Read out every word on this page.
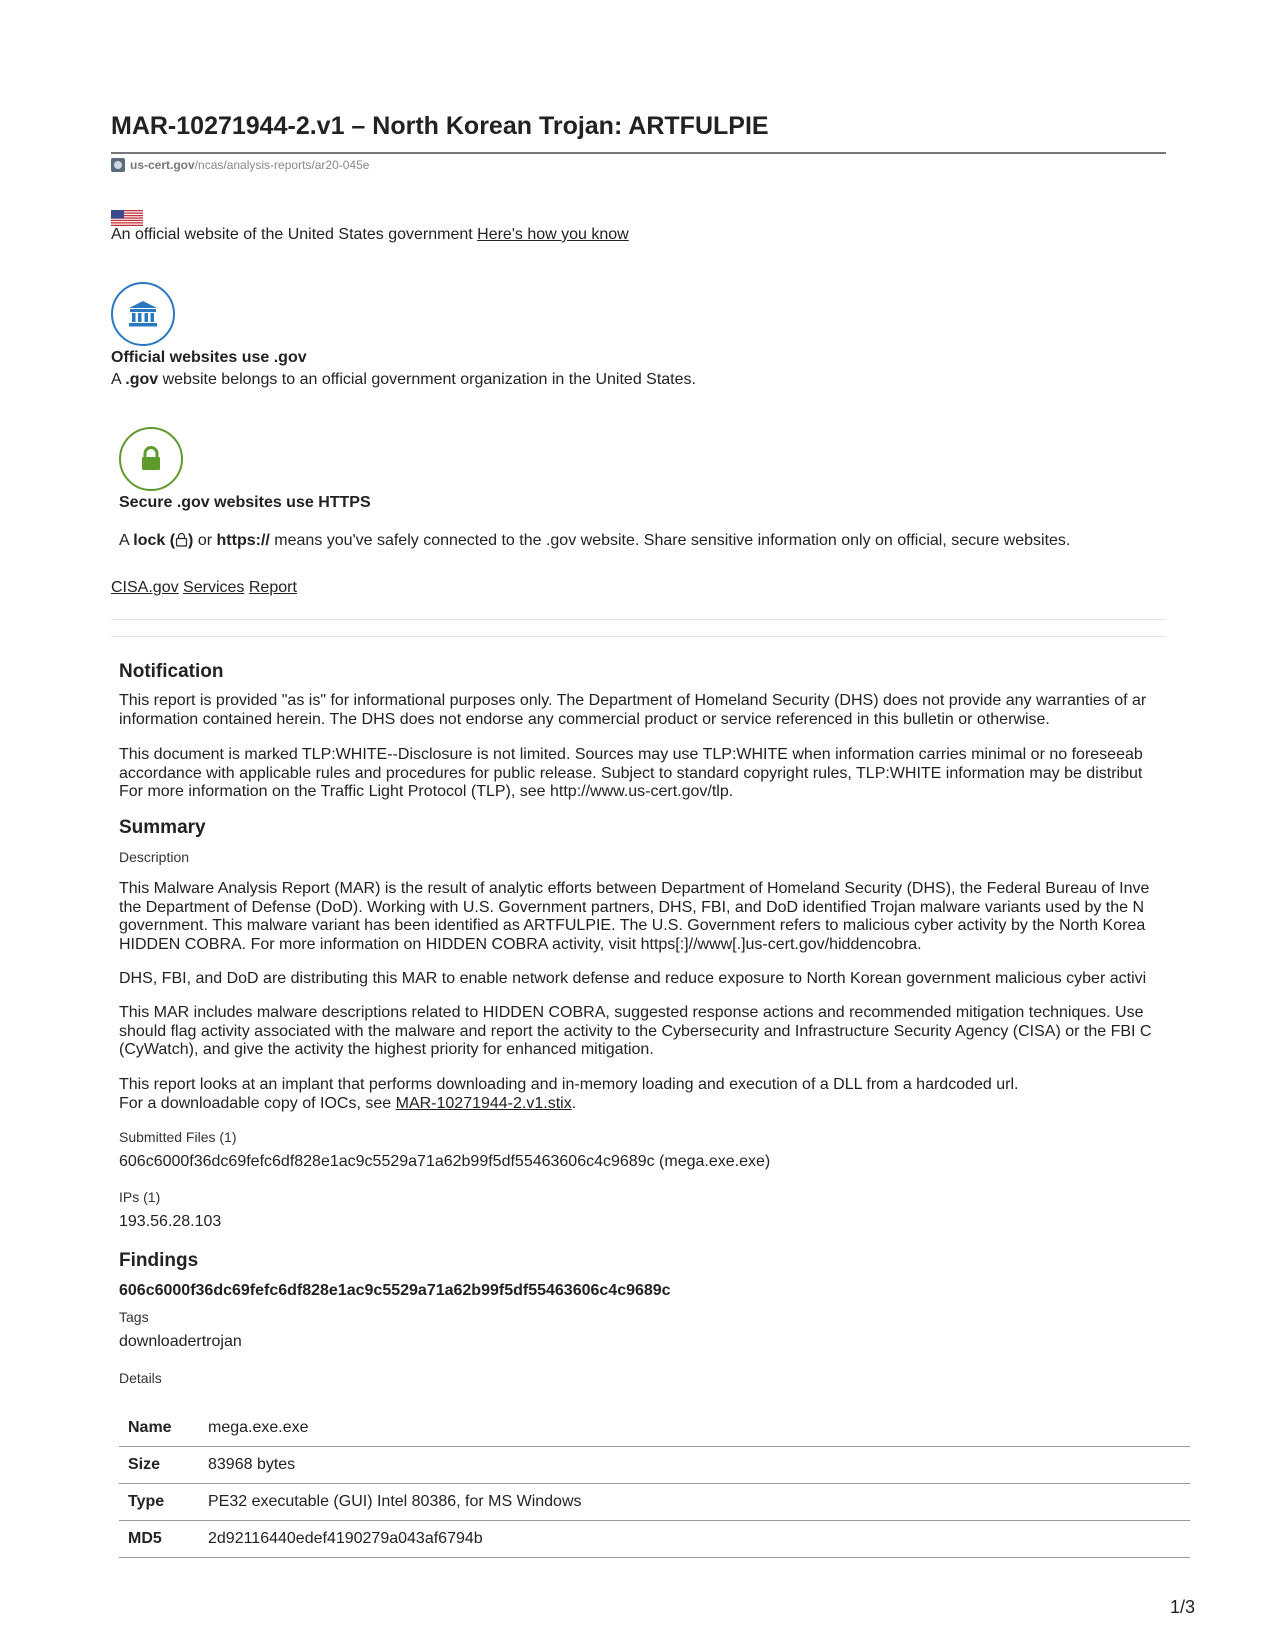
MAR-10271944-2.v1 – North Korean Trojan: ARTFULPIE
us-cert.gov /ncas/analysis-reports/ar20-045e
An official website of the United States government Here's how you know
Official websites use .gov
A .gov website belongs to an official government organization in the United States.
Secure .gov websites use HTTPS
A lock ( ) or https:// means you've safely connected to the .gov website. Share sensitive information only on official, secure websites.
CISA.gov Services Report
Notification
This report is provided "as is" for informational purposes only. The Department of Homeland Security (DHS) does not provide any warranties of ar
information contained herein. The DHS does not endorse any commercial product or service referenced in this bulletin or otherwise.
This document is marked TLP:WHITE--Disclosure is not limited. Sources may use TLP:WHITE when information carries minimal or no foreseeab
accordance with applicable rules and procedures for public release. Subject to standard copyright rules, TLP:WHITE information may be distribut
For more information on the Traffic Light Protocol (TLP), see http://www.us-cert.gov/tlp.
Summary
Description
This Malware Analysis Report (MAR) is the result of analytic efforts between Department of Homeland Security (DHS), the Federal Bureau of Inve
the Department of Defense (DoD). Working with U.S. Government partners, DHS, FBI, and DoD identified Trojan malware variants used by the N
government. This malware variant has been identified as ARTFULPIE. The U.S. Government refers to malicious cyber activity by the North Korea
HIDDEN COBRA. For more information on HIDDEN COBRA activity, visit https[:]//www[.]us-cert.gov/hiddencobra.
DHS, FBI, and DoD are distributing this MAR to enable network defense and reduce exposure to North Korean government malicious cyber activi
This MAR includes malware descriptions related to HIDDEN COBRA, suggested response actions and recommended mitigation techniques. Use
should flag activity associated with the malware and report the activity to the Cybersecurity and Infrastructure Security Agency (CISA) or the FBI C
(CyWatch), and give the activity the highest priority for enhanced mitigation.
This report looks at an implant that performs downloading and in-memory loading and execution of a DLL from a hardcoded url.
For a downloadable copy of IOCs, see MAR-10271944-2.v1.stix.
Submitted Files (1)
606c6000f36dc69fefc6df828e1ac9c5529a71a62b99f5df55463606c4c9689c (mega.exe.exe)
IPs (1)
193.56.28.103
Findings
606c6000f36dc69fefc6df828e1ac9c5529a71a62b99f5df55463606c4c9689c
Tags
downloadertrojan
Details
Name	mega.exe.exe
Size	83968 bytes
Type	PE32 executable (GUI) Intel 80386, for MS Windows
MD5	2d92116440edef4190279a043af6794b
1/3
